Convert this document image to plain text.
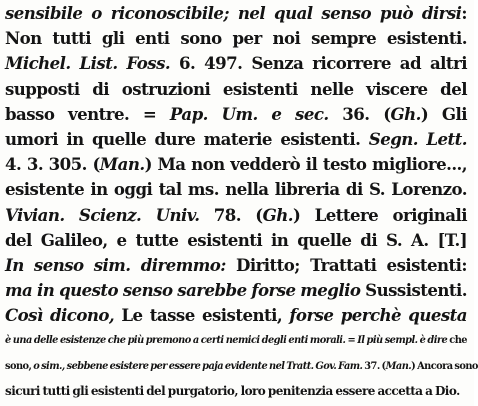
sensibile o riconoscibile; nel qual senso può dirsi:
Non tutti gli enti sono per noi sempre esistenti.
Michel. List. Foss. 6. 497. Senza ricorrere ad altri
supposti di ostruzioni esistenti nelle viscere del
basso ventre. = Pap. Um. e sec. 36. (Gh.) Gli
umori in quelle dure materie esistenti. Segn. Lett.
4. 3. 305. (Man.) Ma non vedderò il testo migliore...,
esistente in oggi tal ms. nella libreria di S. Lorenzo.
Vivian. Scienz. Univ. 78. (Gh.) Lettere originali
del Galileo, e tutte esistenti in quelle di S. A. [T.]
In senso sim. diremmo: Diritto; Trattati esistenti:
ma in questo senso sarebbe forse meglio Sussistenti.
Così dicono, Le tasse esistenti, forse perchè questa
è una delle esistenze che più premono a certi nemici degli enti morali. = Il più sempl. è dire che
sono, o sim., sebbene esistere per essere paja evidente nel Tratt. Gov. Fam. 37. (Man.) Ancora sono
sicuri tutti gli esistenti del purgatorio, loro penitenzia essere accetta a Dio.
